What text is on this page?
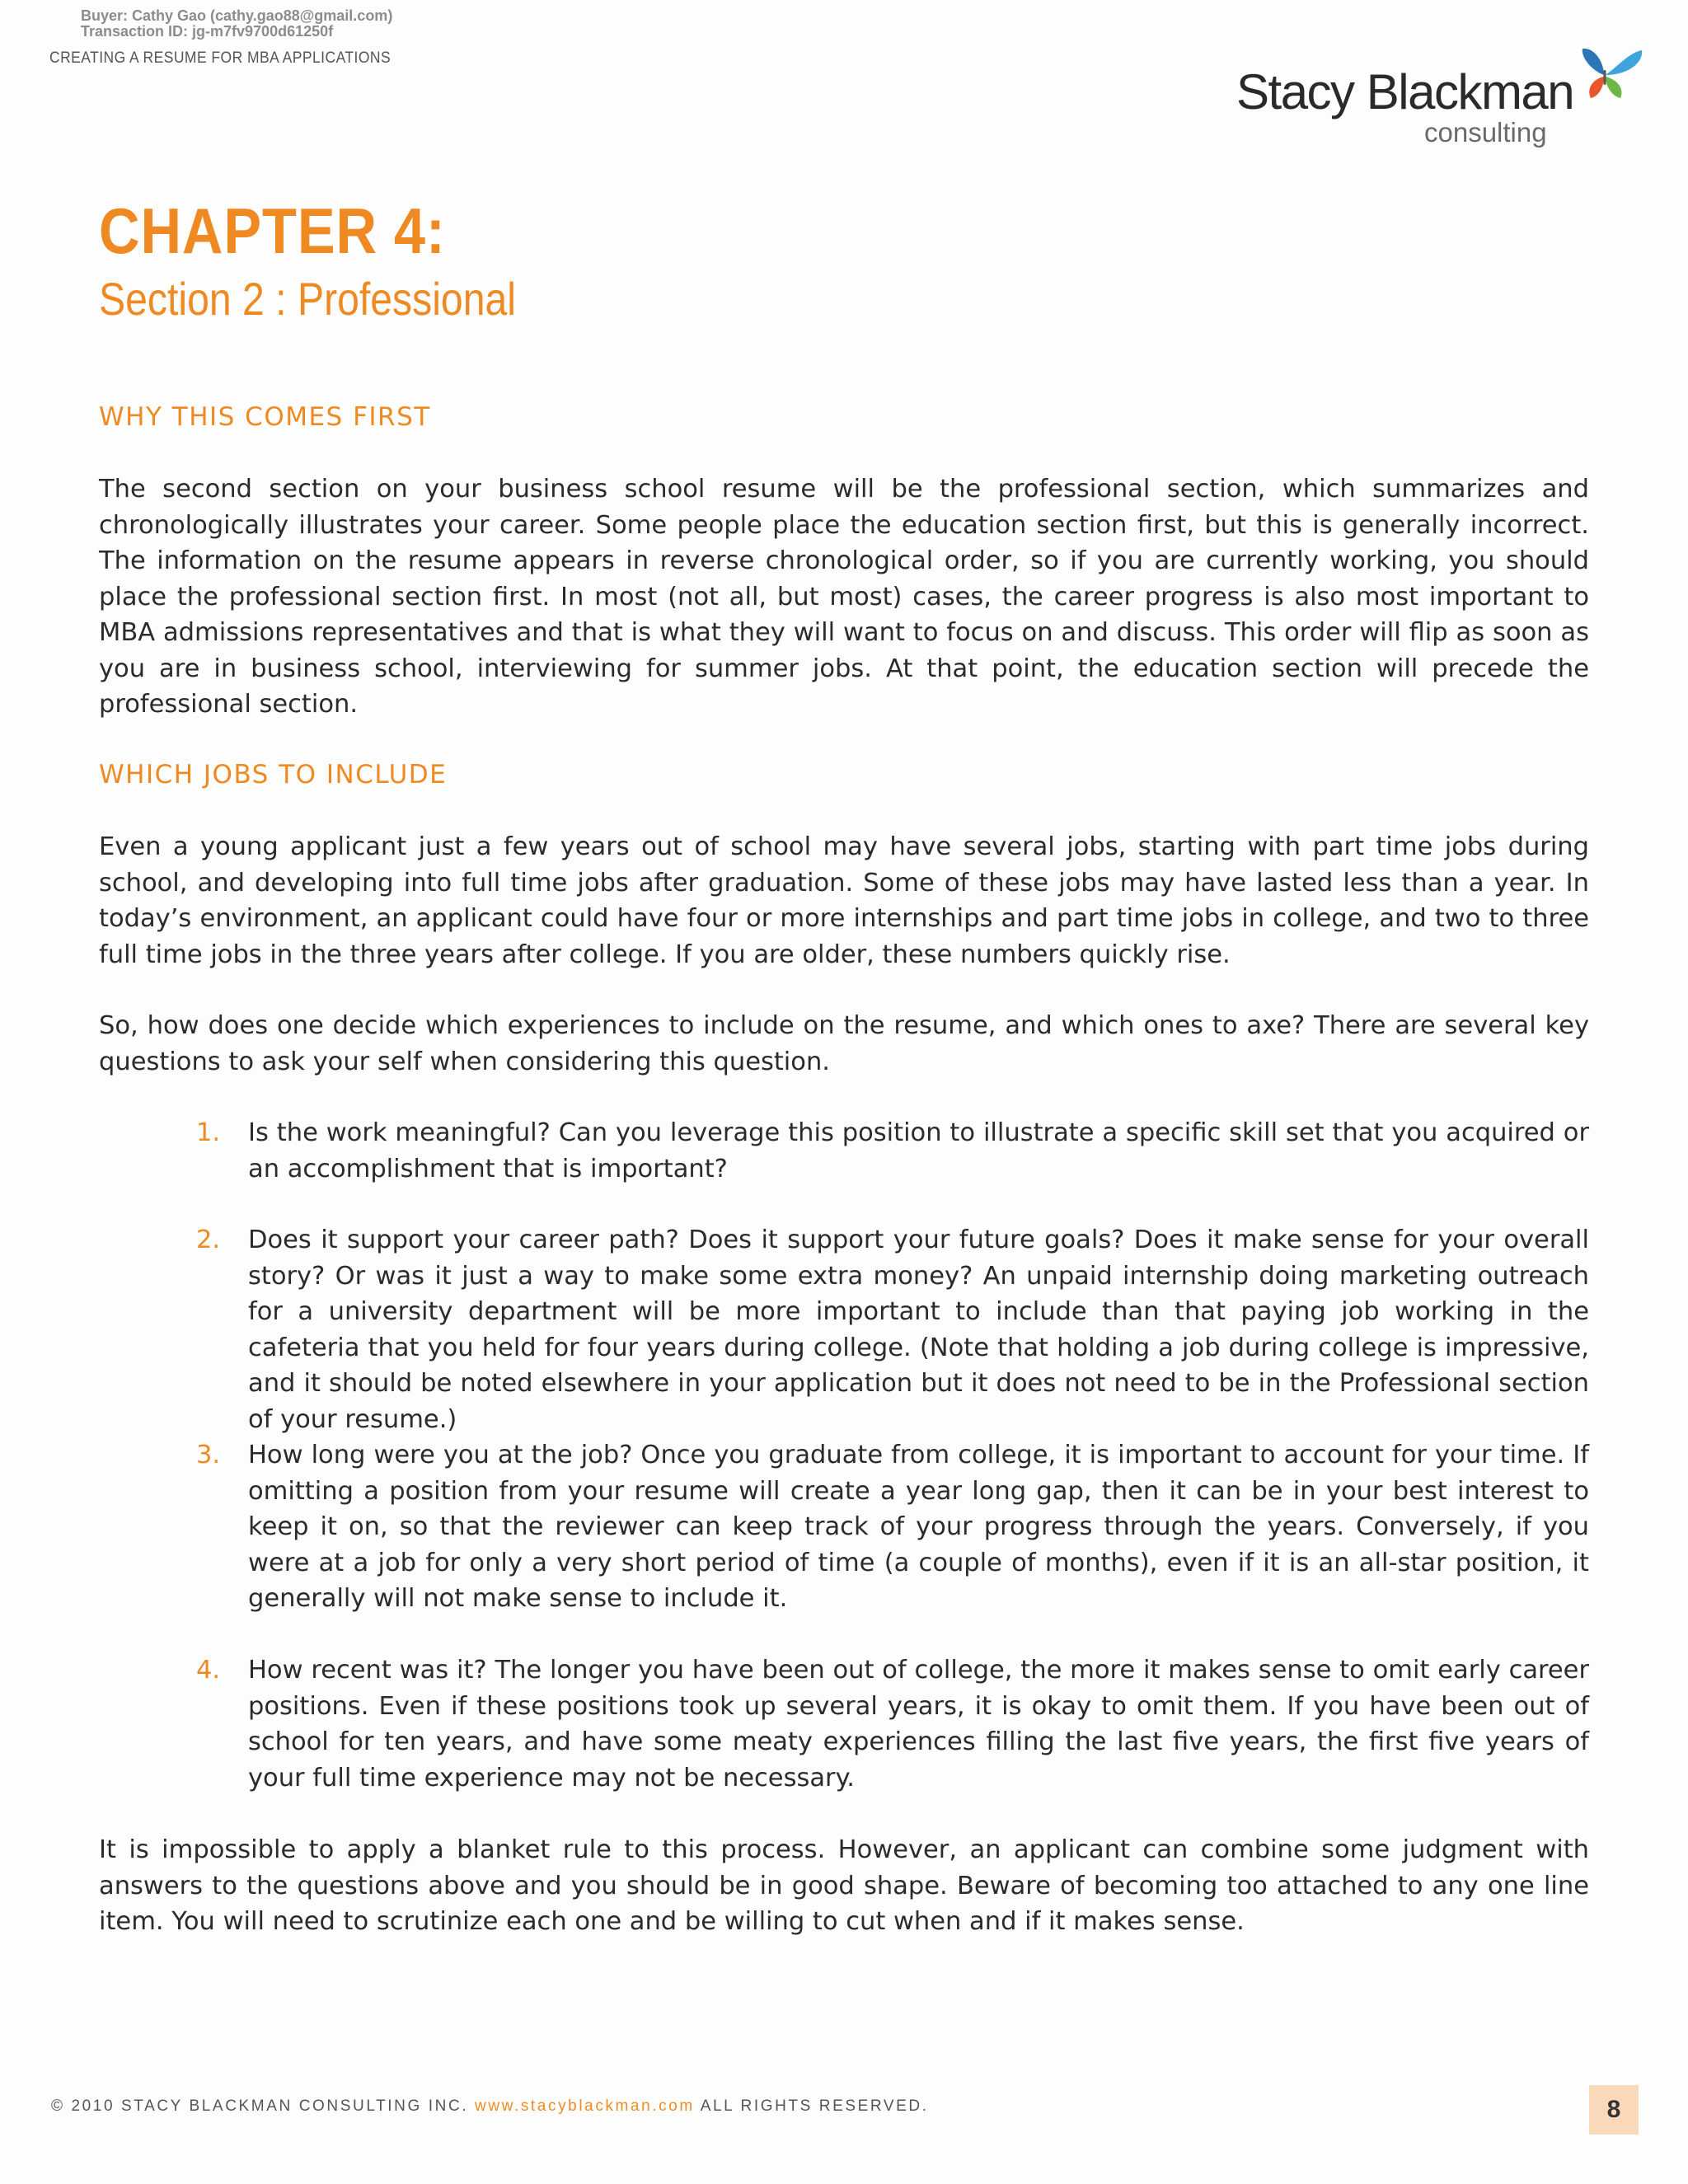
Buyer: Cathy Gao (cathy.gao88@gmail.com)
Transaction ID: jg-m7fv9700d61250f
CREATING A RESUME FOR MBA APPLICATIONS
Stacy Blackman
consulting
CHAPTER 4:
Section 2 : Professional
WHY THIS COMES FIRST

The second section on your business school resume will be the professional section, which summarizes and chronologically illustrates your career. Some people place the education section first, but this is generally incorrect. The information on the resume appears in reverse chronological order, so if you are currently working, you should place the professional section first. In most (not all, but most) cases, the career progress is also most important to MBA admissions representatives and that is what they will want to focus on and discuss. This order will flip as soon as you are in business school, interviewing for summer jobs. At that point, the education section will precede the professional section.

WHICH JOBS TO INCLUDE

Even a young applicant just a few years out of school may have several jobs, starting with part time jobs during school, and developing into full time jobs after graduation. Some of these jobs may have lasted less than a year. In today’s environment, an applicant could have four or more internships and part time jobs in college, and two to three full time jobs in the three years after college. If you are older, these numbers quickly rise.

So, how does one decide which experiences to include on the resume, and which ones to axe? There are several key questions to ask your self when considering this question.

1. Is the work meaningful? Can you leverage this position to illustrate a specific skill set that you acquired or an accomplishment that is important?

2. Does it support your career path? Does it support your future goals? Does it make sense for your overall story? Or was it just a way to make some extra money? An unpaid internship doing marketing outreach for a university department will be more important to include than that paying job working in the cafeteria that you held for four years during college. (Note that holding a job during college is impressive, and it should be noted elsewhere in your application but it does not need to be in the Professional section of your resume.)

3. How long were you at the job? Once you graduate from college, it is important to account for your time. If omitting a position from your resume will create a year long gap, then it can be in your best interest to keep it on, so that the reviewer can keep track of your progress through the years. Conversely, if you were at a job for only a very short period of time (a couple of months), even if it is an all-star position, it generally will not make sense to include it.

4. How recent was it? The longer you have been out of college, the more it makes sense to omit early career positions. Even if these positions took up several years, it is okay to omit them. If you have been out of school for ten years, and have some meaty experiences filling the last five years, the first five years of your full time experience may not be necessary.

It is impossible to apply a blanket rule to this process. However, an applicant can combine some judgment with answers to the questions above and you should be in good shape. Beware of becoming too attached to any one line item. You will need to scrutinize each one and be willing to cut when and if it makes sense.

© 2010 STACY BLACKMAN CONSULTING INC. www.stacyblackman.com ALL RIGHTS RESERVED.	8
